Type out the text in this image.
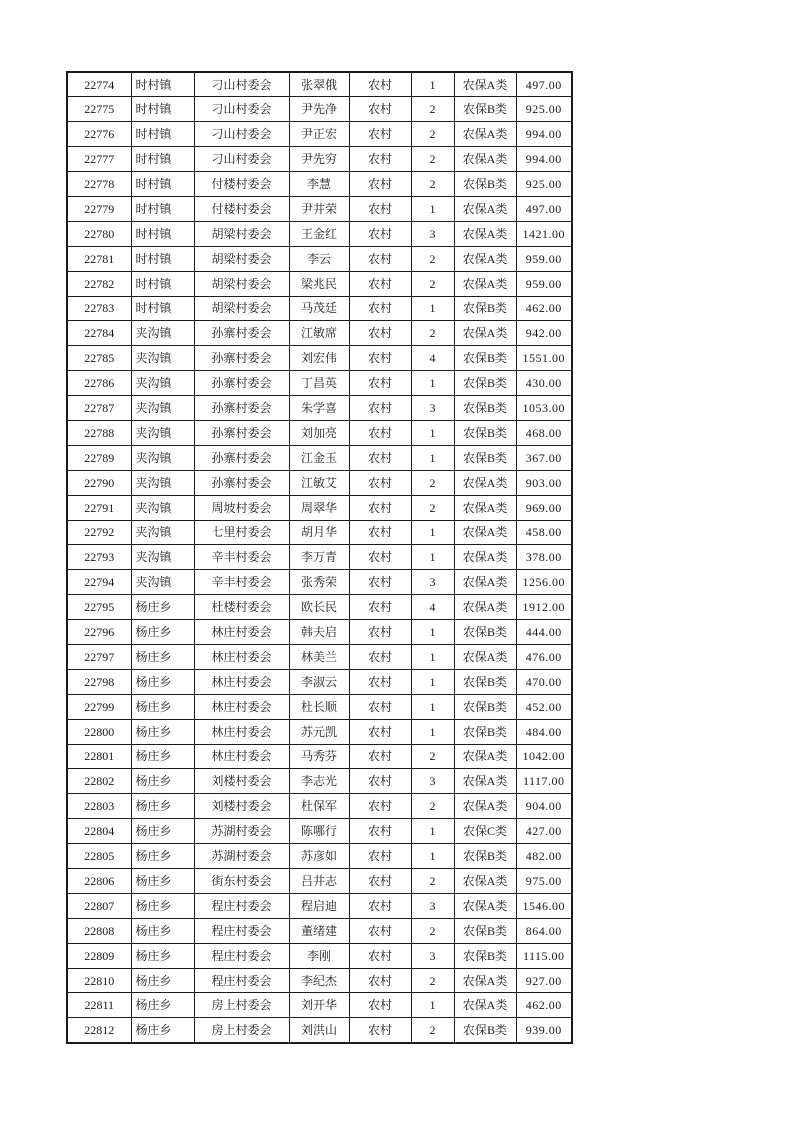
22774	时村镇	刁山村委会	张翠俄	农村	1	农保A类	497.00
22775	时村镇	刁山村委会	尹先净	农村	2	农保B类	925.00
22776	时村镇	刁山村委会	尹正宏	农村	2	农保A类	994.00
22777	时村镇	刁山村委会	尹先穷	农村	2	农保A类	994.00
22778	时村镇	付楼村委会	李慧	农村	2	农保B类	925.00
22779	时村镇	付楼村委会	尹井荣	农村	1	农保A类	497.00
22780	时村镇	胡梁村委会	王金红	农村	3	农保A类	1421.00
22781	时村镇	胡梁村委会	李云	农村	2	农保A类	959.00
22782	时村镇	胡梁村委会	梁兆民	农村	2	农保A类	959.00
22783	时村镇	胡梁村委会	马茂廷	农村	1	农保B类	462.00
22784	夹沟镇	孙寨村委会	江敏席	农村	2	农保A类	942.00
22785	夹沟镇	孙寨村委会	刘宏伟	农村	4	农保B类	1551.00
22786	夹沟镇	孙寨村委会	丁昌英	农村	1	农保B类	430.00
22787	夹沟镇	孙寨村委会	朱学喜	农村	3	农保B类	1053.00
22788	夹沟镇	孙寨村委会	刘加亮	农村	1	农保B类	468.00
22789	夹沟镇	孙寨村委会	江金玉	农村	1	农保B类	367.00
22790	夹沟镇	孙寨村委会	江敏艾	农村	2	农保A类	903.00
22791	夹沟镇	周坡村委会	周翠华	农村	2	农保A类	969.00
22792	夹沟镇	七里村委会	胡月华	农村	1	农保A类	458.00
22793	夹沟镇	辛丰村委会	李万青	农村	1	农保A类	378.00
22794	夹沟镇	辛丰村委会	张秀荣	农村	3	农保A类	1256.00
22795	杨庄乡	杜楼村委会	欧长民	农村	4	农保A类	1912.00
22796	杨庄乡	林庄村委会	韩夫启	农村	1	农保B类	444.00
22797	杨庄乡	林庄村委会	林美兰	农村	1	农保A类	476.00
22798	杨庄乡	林庄村委会	李淑云	农村	1	农保B类	470.00
22799	杨庄乡	林庄村委会	杜长顺	农村	1	农保B类	452.00
22800	杨庄乡	林庄村委会	苏元凯	农村	1	农保B类	484.00
22801	杨庄乡	林庄村委会	马秀芬	农村	2	农保A类	1042.00
22802	杨庄乡	刘楼村委会	李志光	农村	3	农保A类	1117.00
22803	杨庄乡	刘楼村委会	杜保军	农村	2	农保A类	904.00
22804	杨庄乡	苏湖村委会	陈哪行	农村	1	农保C类	427.00
22805	杨庄乡	苏湖村委会	苏彦如	农村	1	农保B类	482.00
22806	杨庄乡	街东村委会	吕井志	农村	2	农保A类	975.00
22807	杨庄乡	程庄村委会	程启迪	农村	3	农保A类	1546.00
22808	杨庄乡	程庄村委会	董绪建	农村	2	农保B类	864.00
22809	杨庄乡	程庄村委会	李刚	农村	3	农保B类	1115.00
22810	杨庄乡	程庄村委会	李纪杰	农村	2	农保A类	927.00
22811	杨庄乡	房上村委会	刘开华	农村	1	农保A类	462.00
22812	杨庄乡	房上村委会	刘洪山	农村	2	农保B类	939.00
